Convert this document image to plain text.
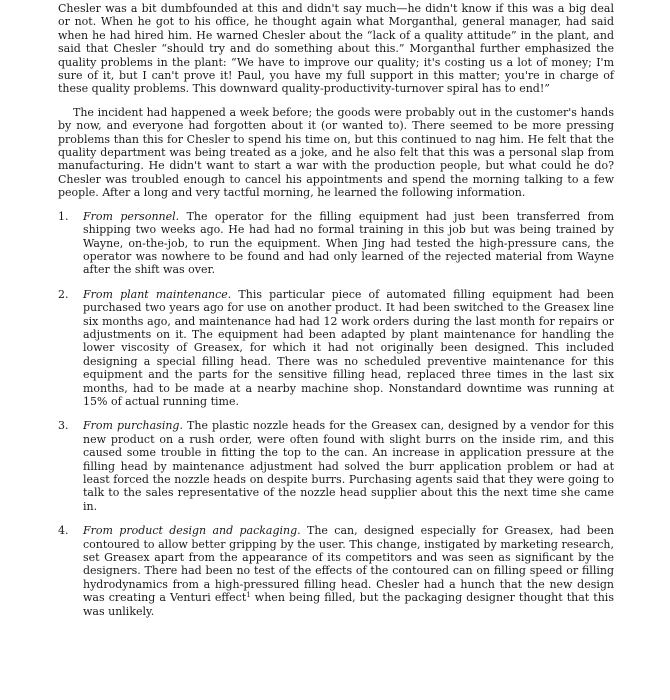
Chesler was a bit dumbfounded at this and didn't say much—he didn't know if this was a big deal or not. When he got to his office, he thought again what Morganthal, general manager, had said when he had hired him. He warned Chesler about the “lack of a quality attitude” in the plant, and said that Chesler “should try and do something about this.” Morganthal further emphasized the quality problems in the plant: “We have to improve our quality; it's costing us a lot of money; I'm sure of it, but I can't prove it! Paul, you have my full support in this matter; you're in charge of these quality problems. This downward quality-productivity-turnover spiral has to end!”

The incident had happened a week before; the goods were probably out in the customer's hands by now, and everyone had forgotten about it (or wanted to). There seemed to be more pressing problems than this for Chesler to spend his time on, but this continued to nag him. He felt that the quality department was being treated as a joke, and he also felt that this was a personal slap from manufacturing. He didn't want to start a war with the production people, but what could he do? Chesler was troubled enough to cancel his appointments and spend the morning talking to a few people. After a long and very tactful morning, he learned the following information.

1. From personnel. The operator for the filling equipment had just been transferred from shipping two weeks ago. He had had no formal training in this job but was being trained by Wayne, on-the-job, to run the equipment. When Jing had tested the high-pressure cans, the operator was nowhere to be found and had only learned of the rejected material from Wayne after the shift was over.
2. From plant maintenance. This particular piece of automated filling equipment had been purchased two years ago for use on another product. It had been switched to the Greasex line six months ago, and maintenance had had 12 work orders during the last month for repairs or adjustments on it. The equipment had been adapted by plant maintenance for handling the lower viscosity of Greasex, for which it had not originally been designed. This included designing a special filling head. There was no scheduled preventive maintenance for this equipment and the parts for the sensitive filling head, replaced three times in the last six months, had to be made at a nearby machine shop. Nonstandard downtime was running at 15% of actual running time.
3. From purchasing. The plastic nozzle heads for the Greasex can, designed by a vendor for this new product on a rush order, were often found with slight burrs on the inside rim, and this caused some trouble in fitting the top to the can. An increase in application pressure at the filling head by maintenance adjustment had solved the burr application problem or had at least forced the nozzle heads on despite burrs. Purchasing agents said that they were going to talk to the sales representative of the nozzle head supplier about this the next time she came in.
4. From product design and packaging. The can, designed especially for Greasex, had been contoured to allow better gripping by the user. This change, instigated by marketing research, set Greasex apart from the appearance of its competitors and was seen as significant by the designers. There had been no test of the effects of the contoured can on filling speed or filling hydrodynamics from a high-pressured filling head. Chesler had a hunch that the new design was creating a Venturi effect$^1$ when being filled, but the packaging designer thought that this was unlikely.
